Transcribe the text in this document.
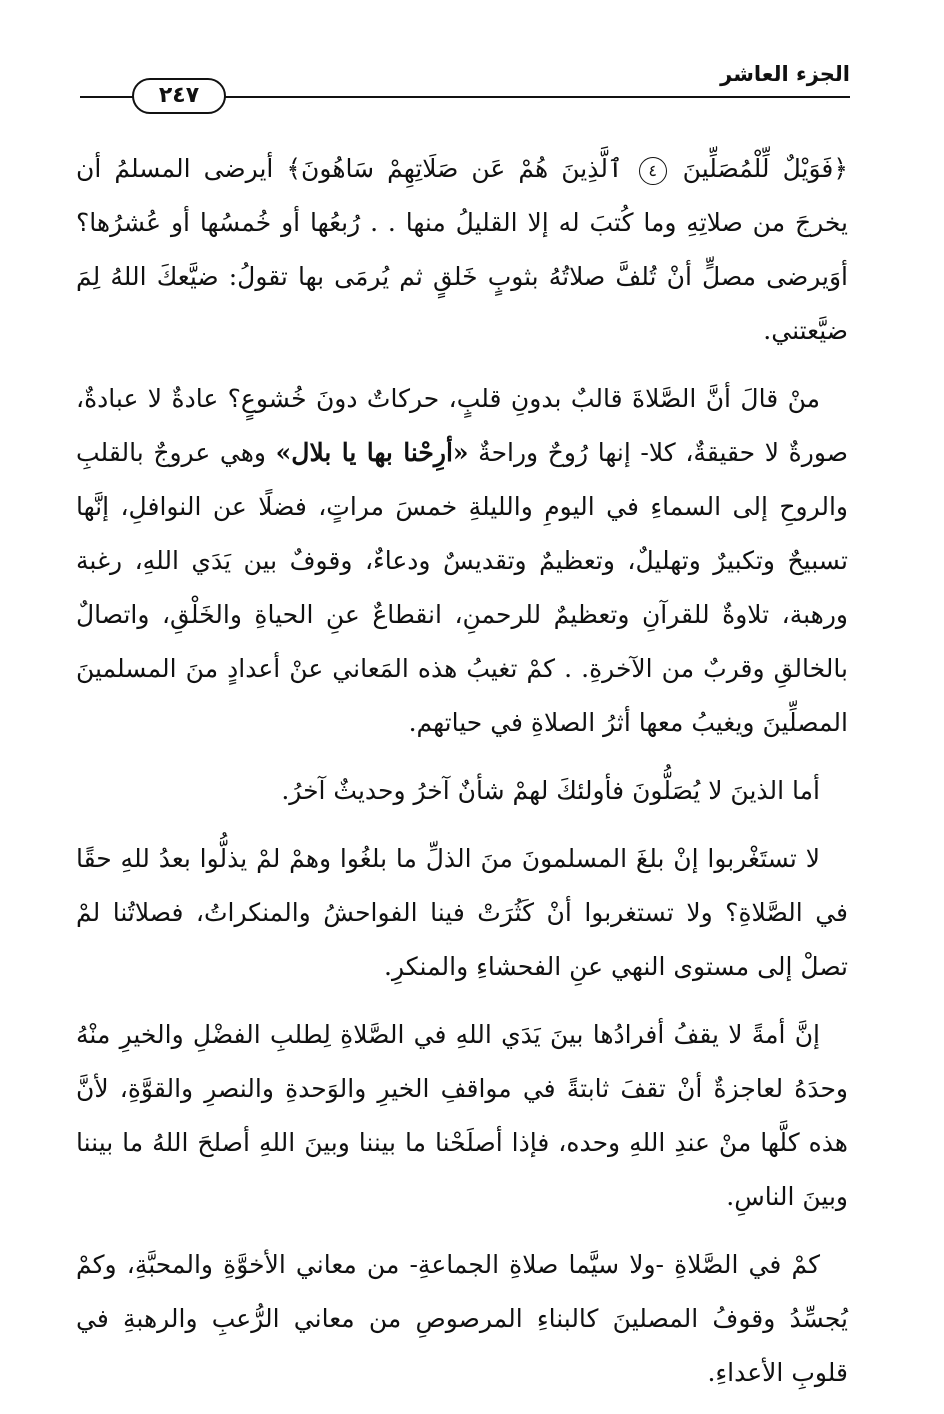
الجزء العاشر
٢٤٧

﴿فَوَيْلٌ لِّلْمُصَلِّينَ ٤ ٱلَّذِينَ هُمْ عَن صَلَاتِهِمْ سَاهُونَ﴾ أيرضى المسلمُ أن يخرجَ من صلاتِهِ وما كُتبَ له إلا القليلُ منها . . رُبعُها أو خُمسُها أو عُشرُها؟ أوَيرضى مصلٍّ أنْ تُلفَّ صلاتُهُ بثوبٍ خَلقٍ ثم يُرمَى بها تقولُ: ضيَّعكَ اللهُ لِمَ ضيَّعتني.

منْ قالَ أنَّ الصَّلاةَ قالبٌ بدونِ قلبٍ، حركاتٌ دونَ خُشوعٍ؟ عادةٌ لا عبادةٌ، صورةٌ لا حقيقةٌ، كلا- إنها رُوحٌ وراحةٌ «أرِحْنا بها يا بلال» وهي عروجٌ بالقلبِ والروحِ إلى السماءِ في اليومِ والليلةِ خمسَ مراتٍ، فضلًا عن النوافلِ، إنَّها تسبيحٌ وتكبيرٌ وتهليلٌ، وتعظيمٌ وتقديسٌ ودعاءٌ، وقوفٌ بين يَدَي اللهِ، رغبة ورهبة، تلاوةٌ للقرآنِ وتعظيمٌ للرحمنِ، انقطاعٌ عنِ الحياةِ والخَلْقِ، واتصالٌ بالخالقِ وقربٌ من الآخرةِ. . كمْ تغيبُ هذه المَعاني عنْ أعدادٍ منَ المسلمينَ المصلِّينَ ويغيبُ معها أثرُ الصلاةِ في حياتهم.

أما الذينَ لا يُصَلُّونَ فأولئكَ لهمْ شأنٌ آخرُ وحديثٌ آخرُ.

لا تستَغْربوا إنْ بلغَ المسلمونَ منَ الذلِّ ما بلغُوا وهمْ لمْ يذلُّوا بعدُ للهِ حقًا في الصَّلاةِ؟ ولا تستغربوا أنْ كَثُرَتْ فينا الفواحشُ والمنكراتُ، فصلاتُنا لمْ تصلْ إلى مستوى النهي عنِ الفحشاءِ والمنكرِ.

إنَّ أمةً لا يقفُ أفرادُها بينَ يَدَي اللهِ في الصَّلاةِ لِطلبِ الفضْلِ والخيرِ منْهُ وحدَهُ لعاجزةٌ أنْ تقفَ ثابتةً في مواقفِ الخيرِ والوَحدةِ والنصرِ والقوَّةِ، لأنَّ هذه كلَّها منْ عندِ اللهِ وحده، فإذا أصلَحْنا ما بيننا وبينَ اللهِ أصلحَ اللهُ ما بيننا وبينَ الناسِ.

كمْ في الصَّلاةِ -ولا سيَّما صلاةِ الجماعةِ- من معاني الأخوَّةِ والمحبَّةِ، وكمْ يُجسِّدُ وقوفُ المصلينَ كالبناءِ المرصوصِ من معاني الرُّعبِ والرهبةِ في قلوبِ الأعداءِ.
